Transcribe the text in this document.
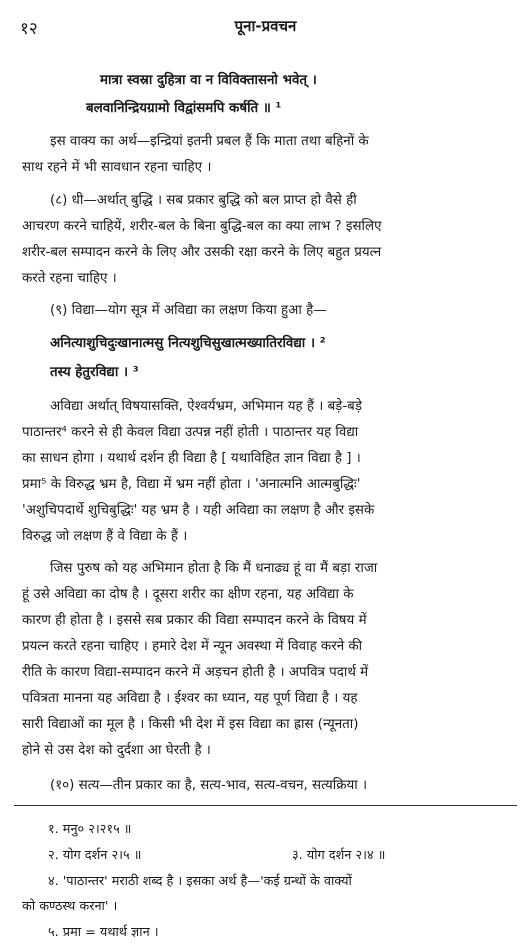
१२	पूना-प्रवचन
मात्रा स्वस्रा दुहित्रा वा न विविक्तासनो भवेत् ।
बलवानिन्द्रियग्रामो विद्वांसमपि कर्षति ॥ ¹
इस वाक्य का अर्थ—इन्द्रियां इतनी प्रबल हैं कि माता तथा बहिनों के
साथ रहने में भी सावधान रहना चाहिए ।
(८) धी—अर्थात् बुद्धि । सब प्रकार बुद्धि को बल प्राप्त हो वैसे ही
आचरण करने चाहियें, शरीर-बल के बिना बुद्धि-बल का क्या लाभ ? इसलिए
शरीर-बल सम्पादन करने के लिए और उसकी रक्षा करने के लिए बहुत प्रयत्न
करते रहना चाहिए ।
(९) विद्या—योग सूत्र में अविद्या का लक्षण किया हुआ है—
अनित्याशुचिदुःखानात्मसु नित्यशुचिसुखात्मख्यातिरविद्या । ²
तस्य हेतुरविद्या । ³
अविद्या अर्थात् विषयासक्ति, ऐश्वर्यभ्रम, अभिमान यह हैं । बड़े-बड़े
पाठान्तर⁴ करने से ही केवल विद्या उत्पन्न नहीं होती । पाठान्तर यह विद्या
का साधन होगा । यथार्थ दर्शन ही विद्या है [ यथाविहित ज्ञान विद्या है ] ।
प्रमा⁵ के विरुद्ध भ्रम है, विद्या में भ्रम नहीं होता । 'अनात्मनि आत्मबुद्धिः'
'अशुचिपदार्थे शुचिबुद्धिः' यह भ्रम है । यही अविद्या का लक्षण है और इसके
विरुद्ध जो लक्षण हैं वे विद्या के हैं ।
जिस पुरुष को यह अभिमान होता है कि मैं धनाढ्य हूं वा मैं बड़ा राजा
हूं उसे अविद्या का दोष है । दूसरा शरीर का क्षीण रहना, यह अविद्या के
कारण ही होता है । इससे सब प्रकार की विद्या सम्पादन करने के विषय में
प्रयत्न करते रहना चाहिए । हमारे देश में न्यून अवस्था में विवाह करने की
रीति के कारण विद्या-सम्पादन करने में अड़चन होती है । अपवित्र पदार्थ में
पवित्रता मानना यह अविद्या है । ईश्वर का ध्यान, यह पूर्ण विद्या है । यह
सारी विद्याओं का मूल है । किसी भी देश में इस विद्या का ह्रास (न्यूनता)
होने से उस देश को दुर्दशा आ घेरती है ।
(१०) सत्य—तीन प्रकार का है, सत्य-भाव, सत्य-वचन, सत्यक्रिया ।
१. मनु० २।२१५ ॥
२. योग दर्शन २।५ ॥	३. योग दर्शन २।४ ॥
४. 'पाठान्तर' मराठी शब्द है । इसका अर्थ है—'कई ग्रन्थों के वाक्यों
को कण्ठस्थ करना' ।
५. प्रमा = यथार्थ ज्ञान ।
